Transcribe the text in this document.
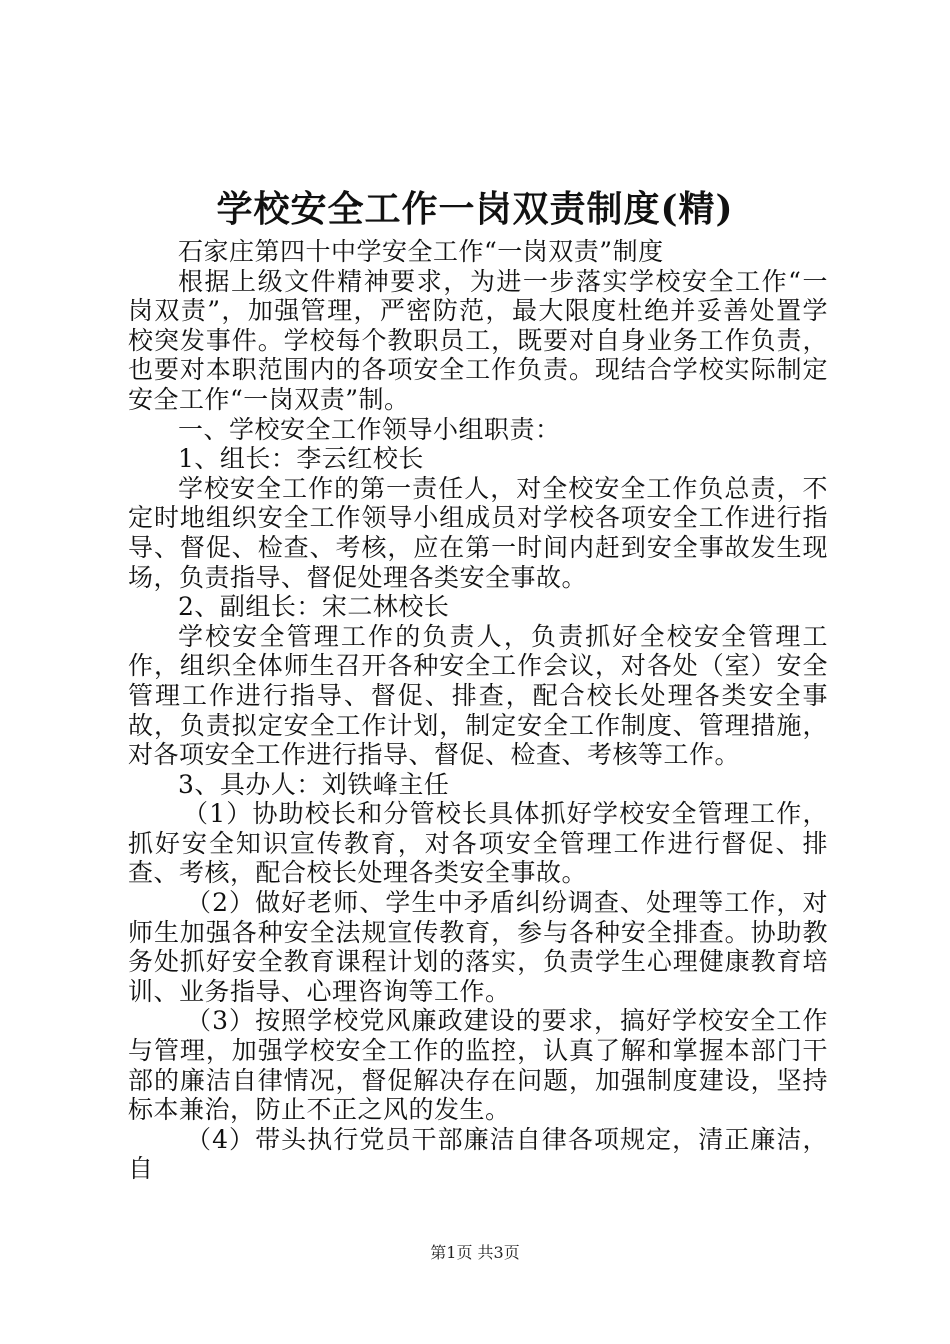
学校安全工作一岗双责制度(精)

石家庄第四十中学安全工作“一岗双责”制度

根据上级文件精神要求，为进一步落实学校安全工作“一岗双责”，加强管理，严密防范，最大限度杜绝并妥善处置学校突发事件。学校每个教职员工，既要对自身业务工作负责，也要对本职范围内的各项安全工作负责。现结合学校实际制定安全工作“一岗双责”制。

一、学校安全工作领导小组职责：

1、组长：李云红校长

学校安全工作的第一责任人，对全校安全工作负总责，不定时地组织安全工作领导小组成员对学校各项安全工作进行指导、督促、检查、考核，应在第一时间内赶到安全事故发生现场，负责指导、督促处理各类安全事故。

2、副组长：宋二林校长

学校安全管理工作的负责人，负责抓好全校安全管理工作，组织全体师生召开各种安全工作会议，对各处（室）安全管理工作进行指导、督促、排查，配合校长处理各类安全事故，负责拟定安全工作计划，制定安全工作制度、管理措施，对各项安全工作进行指导、督促、检查、考核等工作。

3、具办人：刘铁峰主任

（1）协助校长和分管校长具体抓好学校安全管理工作，抓好安全知识宣传教育，对各项安全管理工作进行督促、排查、考核，配合校长处理各类安全事故。

（2）做好老师、学生中矛盾纠纷调查、处理等工作，对师生加强各种安全法规宣传教育，参与各种安全排查。协助教务处抓好安全教育课程计划的落实，负责学生心理健康教育培训、业务指导、心理咨询等工作。

（3）按照学校党风廉政建设的要求，搞好学校安全工作与管理，加强学校安全工作的监控，认真了解和掌握本部门干部的廉洁自律情况，督促解决存在问题，加强制度建设，坚持标本兼治，防止不正之风的发生。

（4）带头执行党员干部廉洁自律各项规定，清正廉洁，自

第1页 共3页
